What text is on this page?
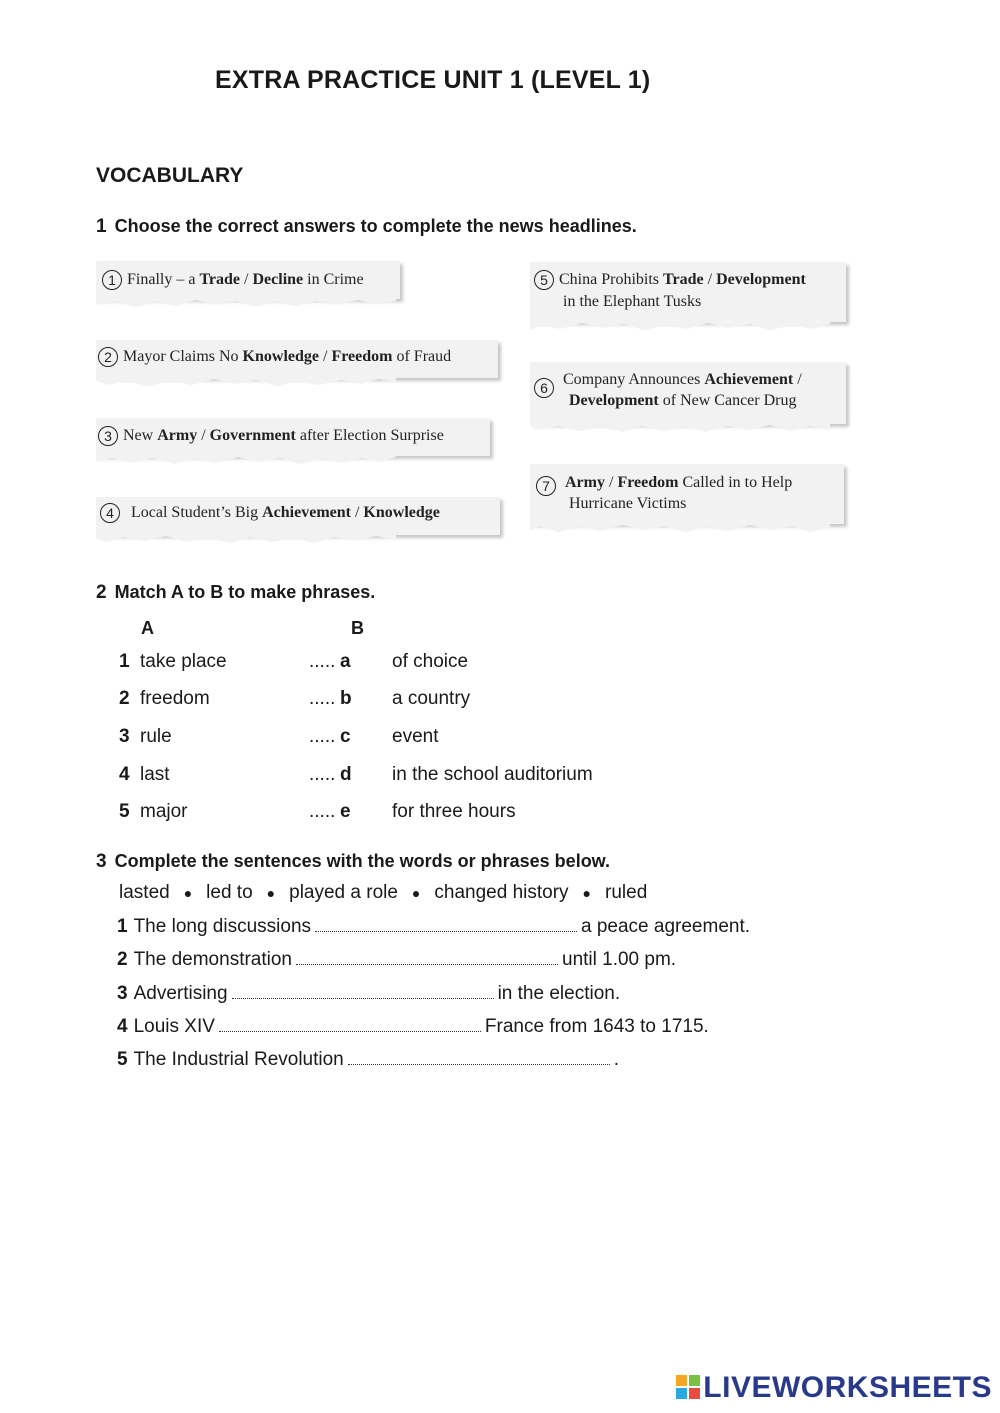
EXTRA PRACTICE UNIT 1 (LEVEL 1)
VOCABULARY
1 Choose the correct answers to complete the news headlines.
1 Finally – a Trade / Decline in Crime
2 Mayor Claims No Knowledge / Freedom of Fraud
3 New Army / Government after Election Surprise
4 Local Student’s Big Achievement / Knowledge
5 China Prohibits Trade / Development
in the Elephant Tusks
6 Company Announces Achievement /
Development of New Cancer Drug
7 Army / Freedom Called in to Help
Hurricane Victims
2 Match A to B to make phrases.
A	B
1 take place	..... a of choice
2 freedom	..... b a country
3 rule	..... c event
4 last	..... d in the school auditorium
5 major	..... e for three hours
3 Complete the sentences with the words or phrases below.
lasted ● led to ● played a role ● changed history ● ruled
1 The long discussions	a peace agreement.
2 The demonstration	until 1.00 pm.
3 Advertising	in the election.
4 Louis XIV	France from 1643 to 1715.
5 The Industrial Revolution	.
LIVEWORKSHEETS
